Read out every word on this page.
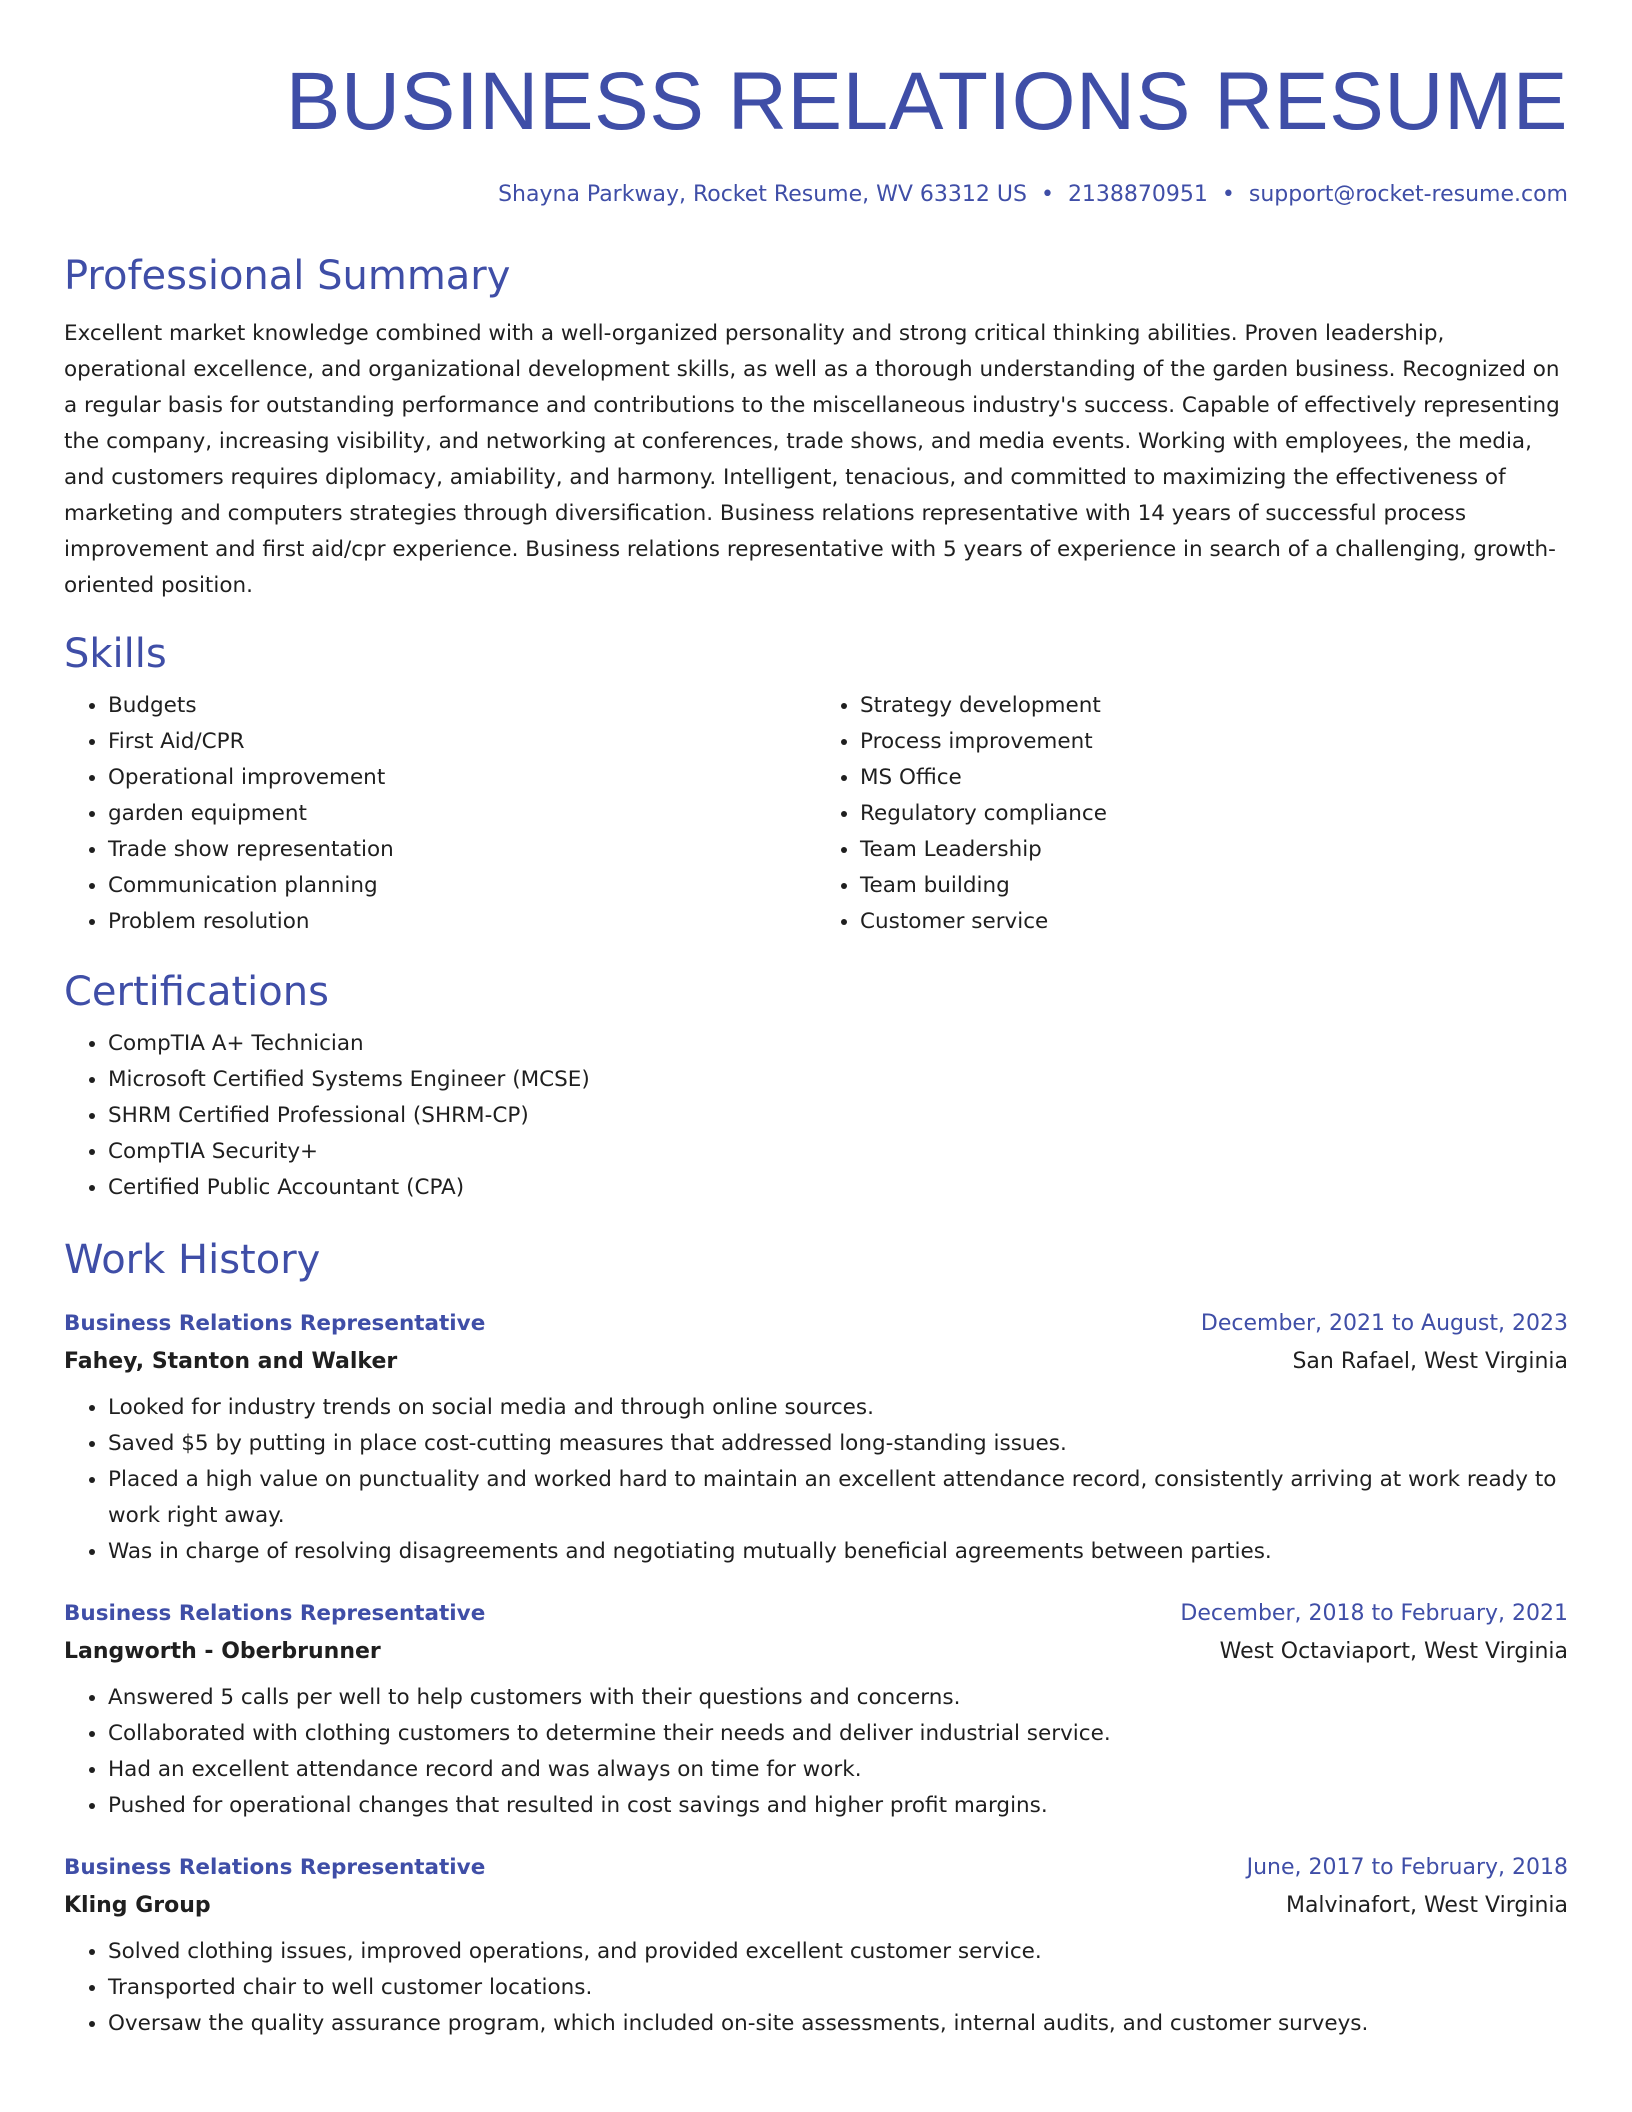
BUSINESS RELATIONS RESUME
Shayna Parkway, Rocket Resume, WV 63312 US • 2138870951 • support@rocket-resume.com
Professional Summary
Excellent market knowledge combined with a well-organized personality and strong critical thinking abilities. Proven leadership, operational excellence, and organizational development skills, as well as a thorough understanding of the garden business. Recognized on a regular basis for outstanding performance and contributions to the miscellaneous industry's success. Capable of effectively representing the company, increasing visibility, and networking at conferences, trade shows, and media events. Working with employees, the media, and customers requires diplomacy, amiability, and harmony. Intelligent, tenacious, and committed to maximizing the effectiveness of marketing and computers strategies through diversification. Business relations representative with 14 years of successful process improvement and first aid/cpr experience. Business relations representative with 5 years of experience in search of a challenging, growth-oriented position.
Skills
• Budgets
• First Aid/CPR
• Operational improvement
• garden equipment
• Trade show representation
• Communication planning
• Problem resolution
• Strategy development
• Process improvement
• MS Office
• Regulatory compliance
• Team Leadership
• Team building
• Customer service
Certifications
• CompTIA A+ Technician
• Microsoft Certified Systems Engineer (MCSE)
• SHRM Certified Professional (SHRM-CP)
• CompTIA Security+
• Certified Public Accountant (CPA)
Work History
Business Relations Representative	December, 2021 to August, 2023
Fahey, Stanton and Walker	San Rafael, West Virginia
• Looked for industry trends on social media and through online sources.
• Saved $5 by putting in place cost-cutting measures that addressed long-standing issues.
• Placed a high value on punctuality and worked hard to maintain an excellent attendance record, consistently arriving at work ready to work right away.
• Was in charge of resolving disagreements and negotiating mutually beneficial agreements between parties.
Business Relations Representative	December, 2018 to February, 2021
Langworth - Oberbrunner	West Octaviaport, West Virginia
• Answered 5 calls per well to help customers with their questions and concerns.
• Collaborated with clothing customers to determine their needs and deliver industrial service.
• Had an excellent attendance record and was always on time for work.
• Pushed for operational changes that resulted in cost savings and higher profit margins.
Business Relations Representative	June, 2017 to February, 2018
Kling Group	Malvinafort, West Virginia
• Solved clothing issues, improved operations, and provided excellent customer service.
• Transported chair to well customer locations.
• Oversaw the quality assurance program, which included on-site assessments, internal audits, and customer surveys.
